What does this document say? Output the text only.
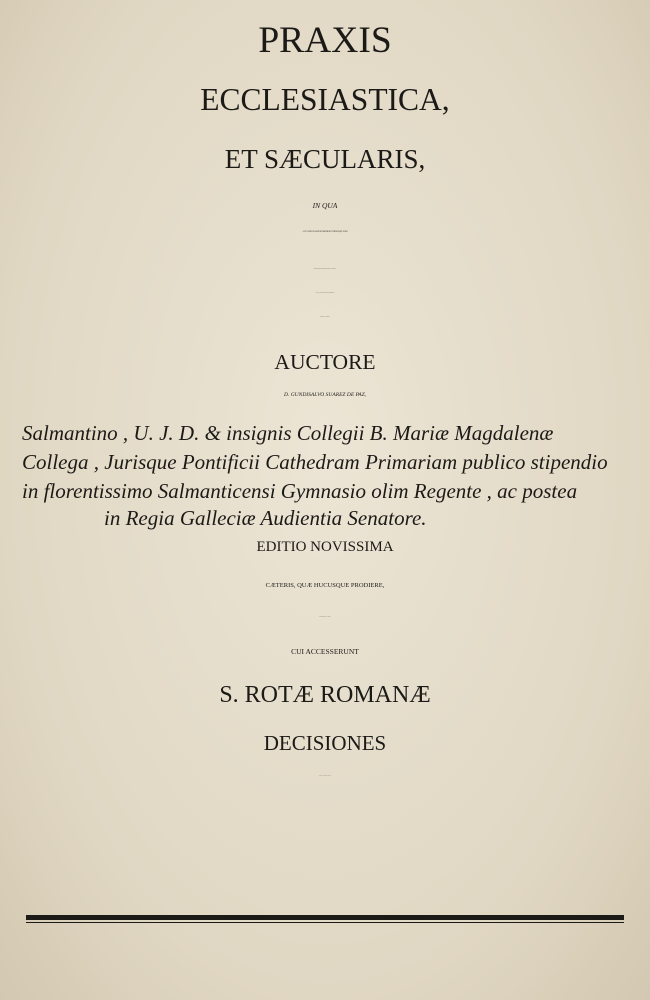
PRAXIS
ECCLESIASTICA,
ET SÆCULARIS,
IN QUA
ACTA PROCESSUUM OMNIUM UTRIUSQUE FORI
causarum cum actionum formulis sermone Hispano com-
posita , & ad hodiernum stylum accommodata
traduntur , & ordinantur.
AUCTORE
D. GUNDISALVO SUAREZ DE PAZ,
Salmantino , U. J. D. & insignis Collegii B. Mariæ Magdalenæ
Collega , Jurisque Pontificii Cathedram Primariam publico stipendio
in florentissimo Salmanticensi Gymnasio olim Regente , ac postea
in Regia Galleciæ Audientia Senatore.
EDITIO NOVISSIMA
CÆTERIS, QUÆ HUCUSQUE PRODIERE,
longe emendatior, & auctior,
CUI ACCESSERUNT
S. ROTÆ ROMANÆ
DECISIONES
